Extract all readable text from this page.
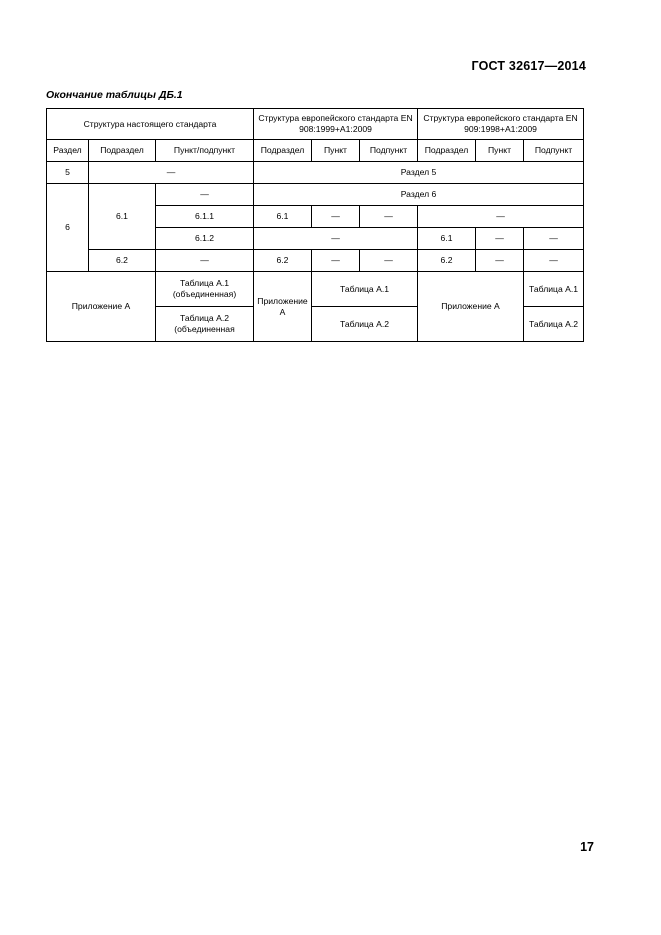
ГОСТ 32617—2014
Окончание таблицы ДБ.1
Структура настоящего стандарта			Структура европейского стандарта EN 908:1999+A1:2009			Структура европейского стандарта EN 909:1998+A1:2009		
Раздел	Подраздел	Пункт/подпункт	Подраздел	Пункт	Подпункт	Подраздел	Пункт	Подпункт
5	—		Раздел 5					
6	6.1	—	Раздел 6					
		6.1.1	6.1	—	—	—		
		6.1.2	—			6.1	—	—
	6.2	—	6.2	—	—	6.2	—	—
Приложение А		Таблица А.1 (объединенная)	Приложение А	Таблица А.1		Приложение А		Таблица А.1
		Таблица А.2 (объединенная		Таблица А.2				Таблица А.2
17
